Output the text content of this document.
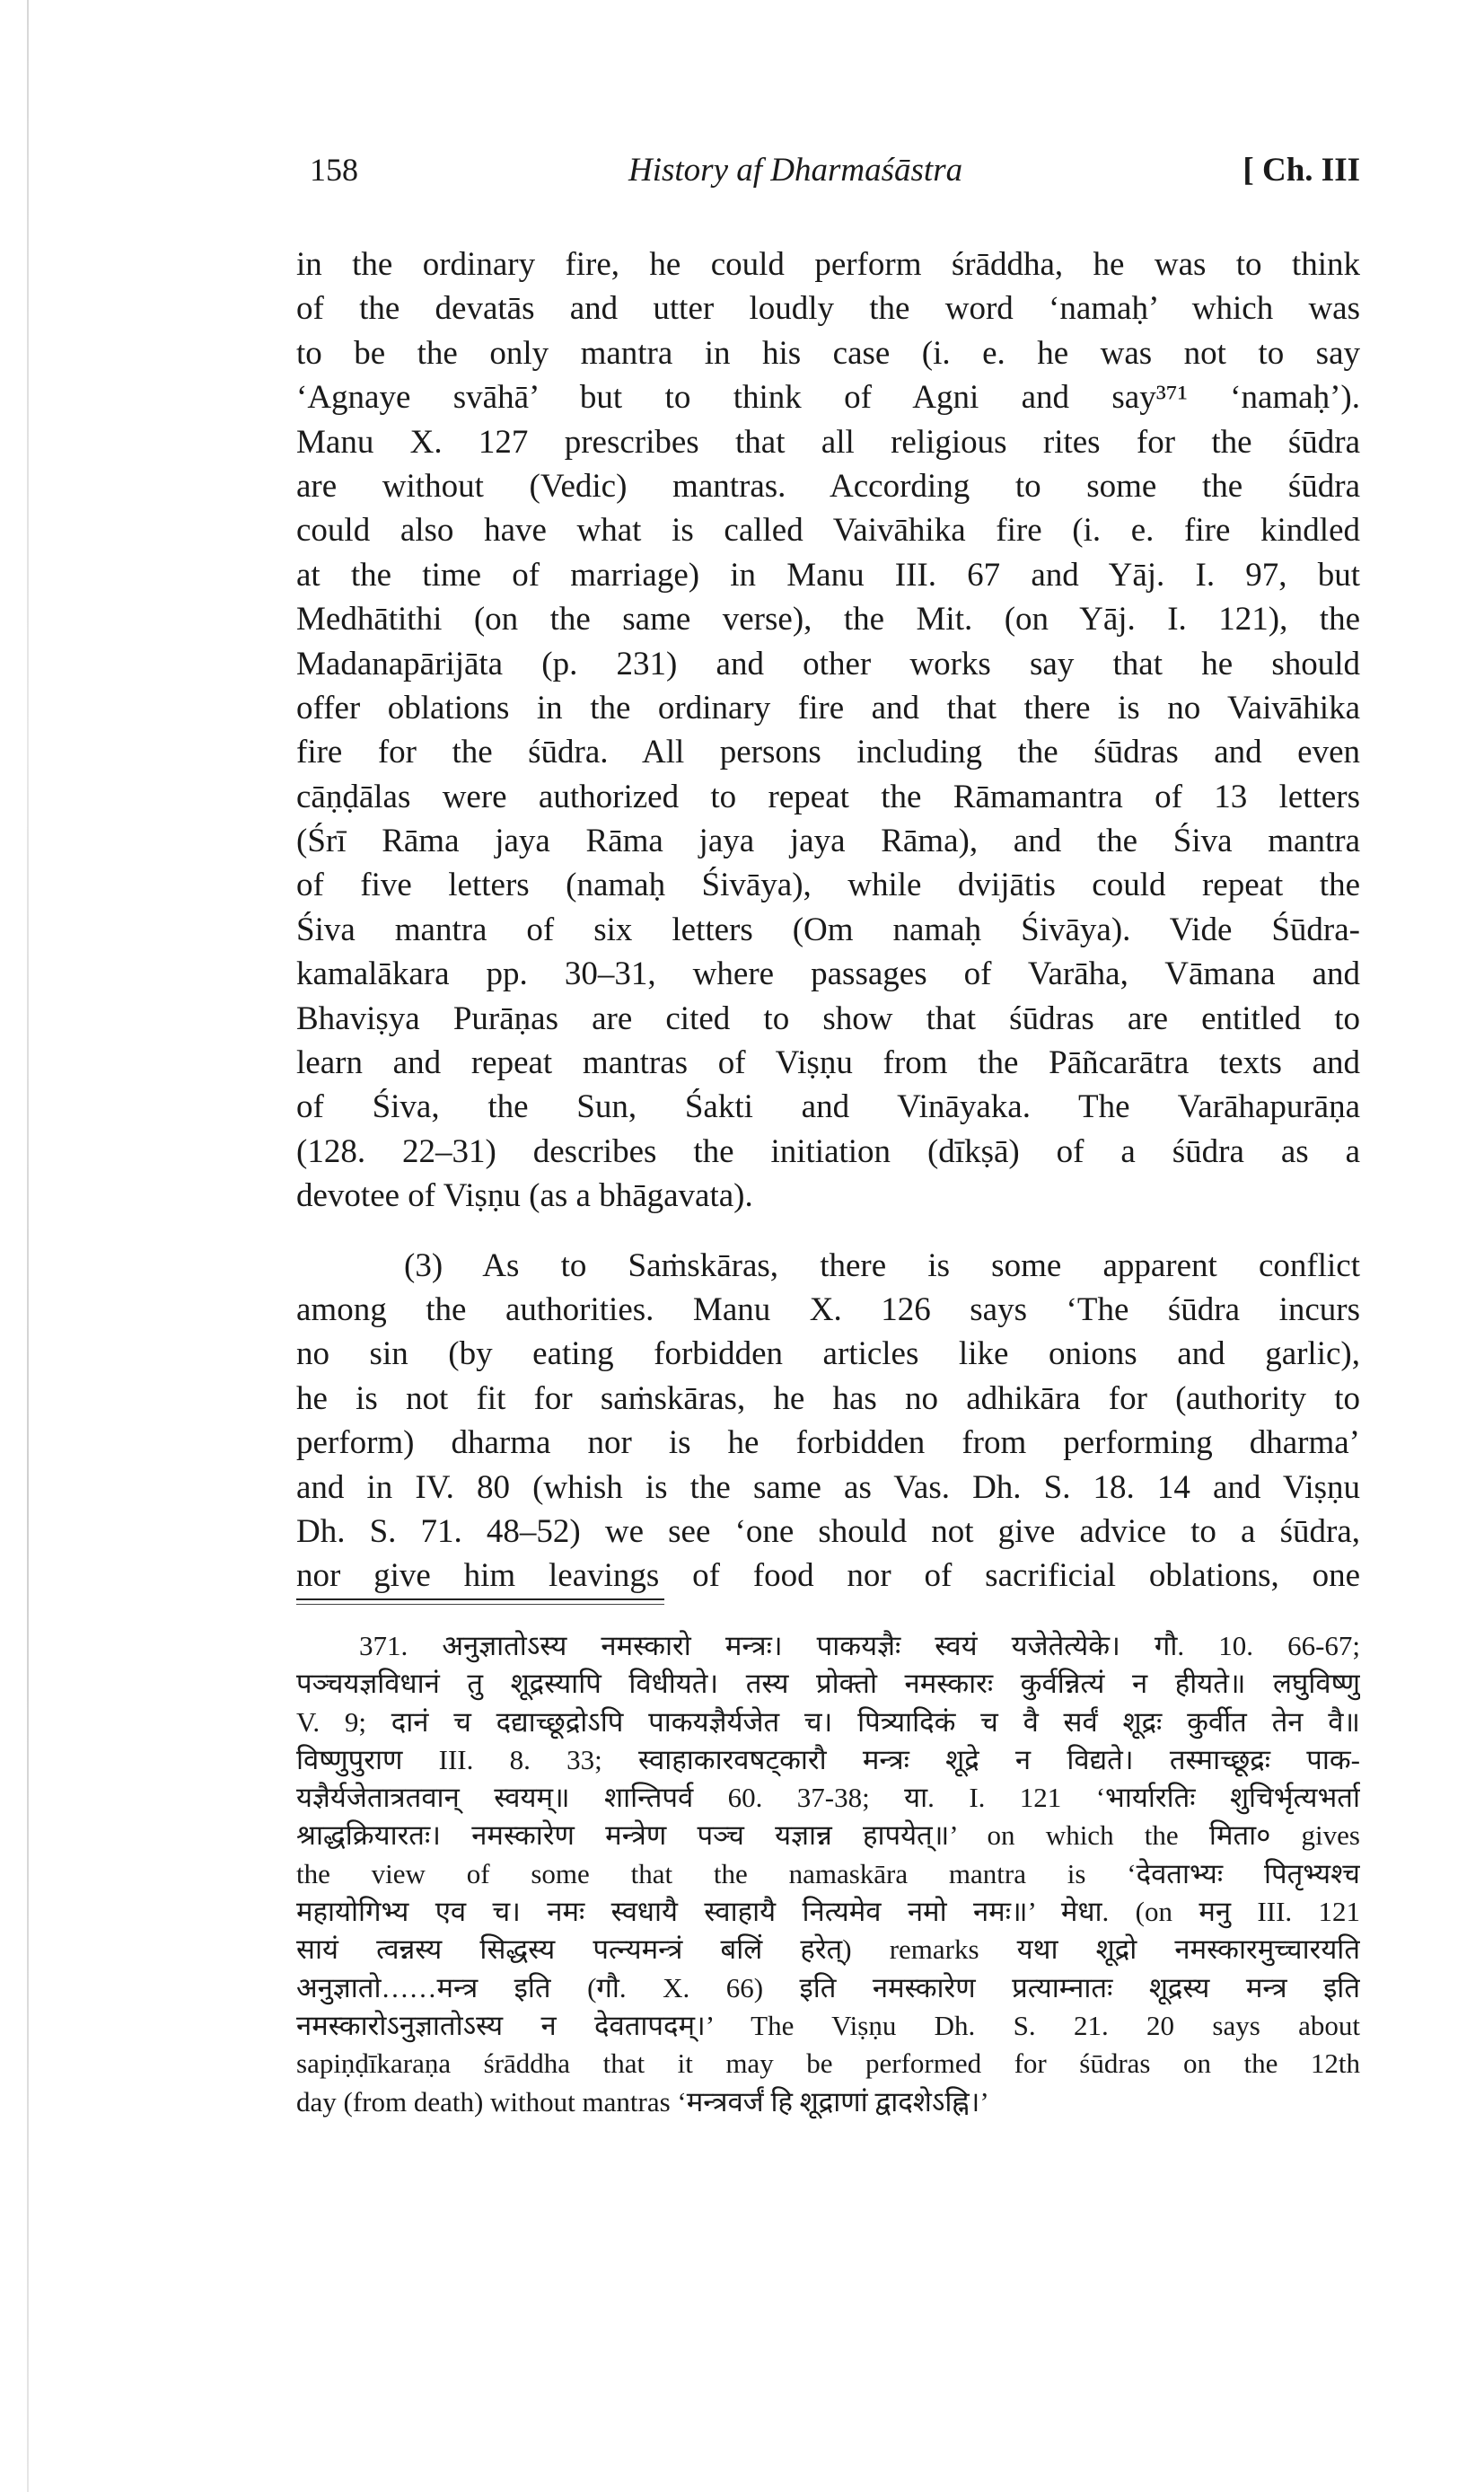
158	History af Dharmaśāstra	[ Ch. III
in the ordinary fire, he could perform śrāddha, he was to think
of the devatās and utter loudly the word ‘namaḥ’ which was
to be the only mantra in his case (i. e. he was not to say
‘Agnaye svāhā’ but to think of Agni and say³⁷¹ ‘namaḥ’).
Manu X. 127 prescribes that all religious rites for the śūdra
are without (Vedic) mantras. According to some the śūdra
could also have what is called Vaivāhika fire (i. e. fire kindled
at the time of marriage) in Manu III. 67 and Yāj. I. 97, but
Medhātithi (on the same verse), the Mit. (on Yāj. I. 121), the
Madanapārijāta (p. 231) and other works say that he should
offer oblations in the ordinary fire and that there is no Vaivāhika
fire for the śūdra. All persons including the śūdras and even
cāṇḍālas were authorized to repeat the Rāmamantra of 13 letters
(Śrī Rāma jaya Rāma jaya jaya Rāma), and the Śiva mantra
of five letters (namaḥ Śivāya), while dvijātis could repeat the
Śiva mantra of six letters (Om namaḥ Śivāya). Vide Śūdra-
kamalākara pp. 30–31, where passages of Varāha, Vāmana and
Bhaviṣya Purāṇas are cited to show that śūdras are entitled to
learn and repeat mantras of Viṣṇu from the Pāñcarātra texts and
of Śiva, the Sun, Śakti and Vināyaka. The Varāhapurāṇa
(128. 22–31) describes the initiation (dīkṣā) of a śūdra as a
devotee of Viṣṇu (as a bhāgavata).
(3) As to Saṁskāras, there is some apparent conflict
among the authorities. Manu X. 126 says ‘The śūdra incurs
no sin (by eating forbidden articles like onions and garlic),
he is not fit for saṁskāras, he has no adhikāra for (authority to
perform) dharma nor is he forbidden from performing dharma’
and in IV. 80 (whish is the same as Vas. Dh. S. 18. 14 and Viṣṇu
Dh. S. 71. 48–52) we see ‘one should not give advice to a śūdra,
nor give him leavings of food nor of sacrificial oblations, one
371. अनुज्ञातोऽस्य नमस्कारो मन्त्रः। पाकयज्ञैः स्वयं यजेतेत्येके। गौ. 10. 66-67;
पञ्चयज्ञविधानं तु शूद्रस्यापि विधीयते। तस्य प्रोक्तो नमस्कारः कुर्वन्नित्यं न हीयते॥ लघुविष्णु
V. 9; दानं च दद्याच्छूद्रोऽपि पाकयज्ञैर्यजेत च। पित्र्यादिकं च वै सर्वं शूद्रः कुर्वीत तेन वै॥
विष्णुपुराण III. 8. 33; स्वाहाकारवषट्कारौ मन्त्रः शूद्रे न विद्यते। तस्माच्छूद्रः पाक-
यज्ञैर्यजेतात्रतवान् स्वयम्॥ शान्तिपर्व 60. 37-38; या. I. 121 ‘भार्यारतिः शुचिर्भृत्यभर्ता
श्राद्धक्रियारतः। नमस्कारेण मन्त्रेण पञ्च यज्ञान्न हापयेत्॥’ on which the मिता० gives
the view of some that the namaskāra mantra is ‘देवताभ्यः पितृभ्यश्च
महायोगिभ्य एव च। नमः स्वधायै स्वाहायै नित्यमेव नमो नमः॥’ मेधा. (on मनु III. 121
सायं त्वन्नस्य सिद्धस्य पत्न्यमन्त्रं बलिं हरेत्) remarks यथा शूद्रो नमस्कारमुच्चारयति
अनुज्ञातो……मन्त्र इति (गौ. X. 66) इति नमस्कारेण प्रत्याम्नातः शूद्रस्य मन्त्र इति
नमस्कारोऽनुज्ञातोऽस्य न देवतापदम्।’ The Viṣṇu Dh. S. 21. 20 says about
sapiṇḍīkaraṇa śrāddha that it may be performed for śūdras on the 12th
day (from death) without mantras ‘मन्त्रवर्जं हि शूद्राणां द्वादशेऽह्नि।’
